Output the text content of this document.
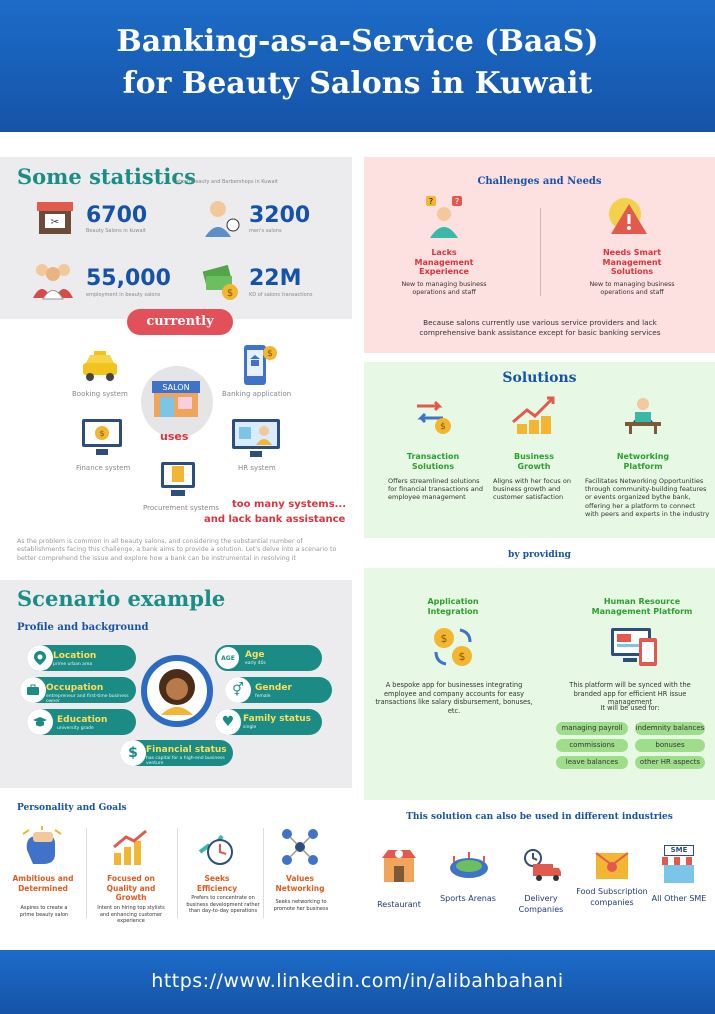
Banking-as-a-Service (BaaS)
for Beauty Salons in Kuwait
Some statistics
about beauty and Barbershops in Kuwait
✂ 6700
Beauty Salons in kuwait
3200
men's salons
55,000
employment in beauty salons	$
22M
KD of salons transactions
currently
Booking system
$
Banking application
SALON
uses
$
Finance system	HR system
Procurement systems too many systems...
and lack bank assistance
As the problem is common in all beauty salons, and considering the substantial number of establishments facing this challenge, a bank aims to provide a solution. Let's delve into a scenario to better comprehend the issue and explore how a bank can be instrumental in resolving it
Challenges and Needs
?	?
Lacks Management Experience
New to managing business operations and staff
Needs Smart Management Solutions
New to managing business operations and staff
Because salons currently use various service providers and lack comprehensive bank assistance except for basic banking services
Solutions
$
Transaction Solutions
Offers streamlined solutions for financial transactions and employee management
Business Growth
Aligns with her focus on business growth and customer satisfaction
Networking Platform
Facilitates Networking Opportunities through community-building features or events organized bythe bank, offering her a platform to connect with peers and experts in the industry
by providing
Application Integration
$
$
A bespoke app for businesses integrating employee and company accounts for easy transactions like salary disbursement, bonuses, etc.
Human Resource Management Platform
This platform will be synced with the branded app for efficient HR issue management
It will be used for:
managing payroll	indemnity balances
commissions	bonuses
leave balances	other HR aspects
Scenario example
Profile and background
Location
prime urban area
AGE	Age
early 40s
Occupation
entrepreneur and first-time business owner
⚥	Gender
female
Education
university grade	♥ Family status
single
$ Financial status
has capital for a high-end business venture
Personality and Goals
Ambitious and Determined
Aspires to create a prime beauty salon
Focused on Quality and Growth
Intent on hiring top stylists and enhancing customer experience
Seeks Efficiency
Prefers to concentrate on business development rather than day-to-day operations
Values Networking
Seeks networking to promote her business
This solution can also be used in different industries
Restaurant
Sports Arenas	Delivery Companies
Food Subscription companies
SME
All Other SME
https://www.linkedin.com/in/alibahbahani
